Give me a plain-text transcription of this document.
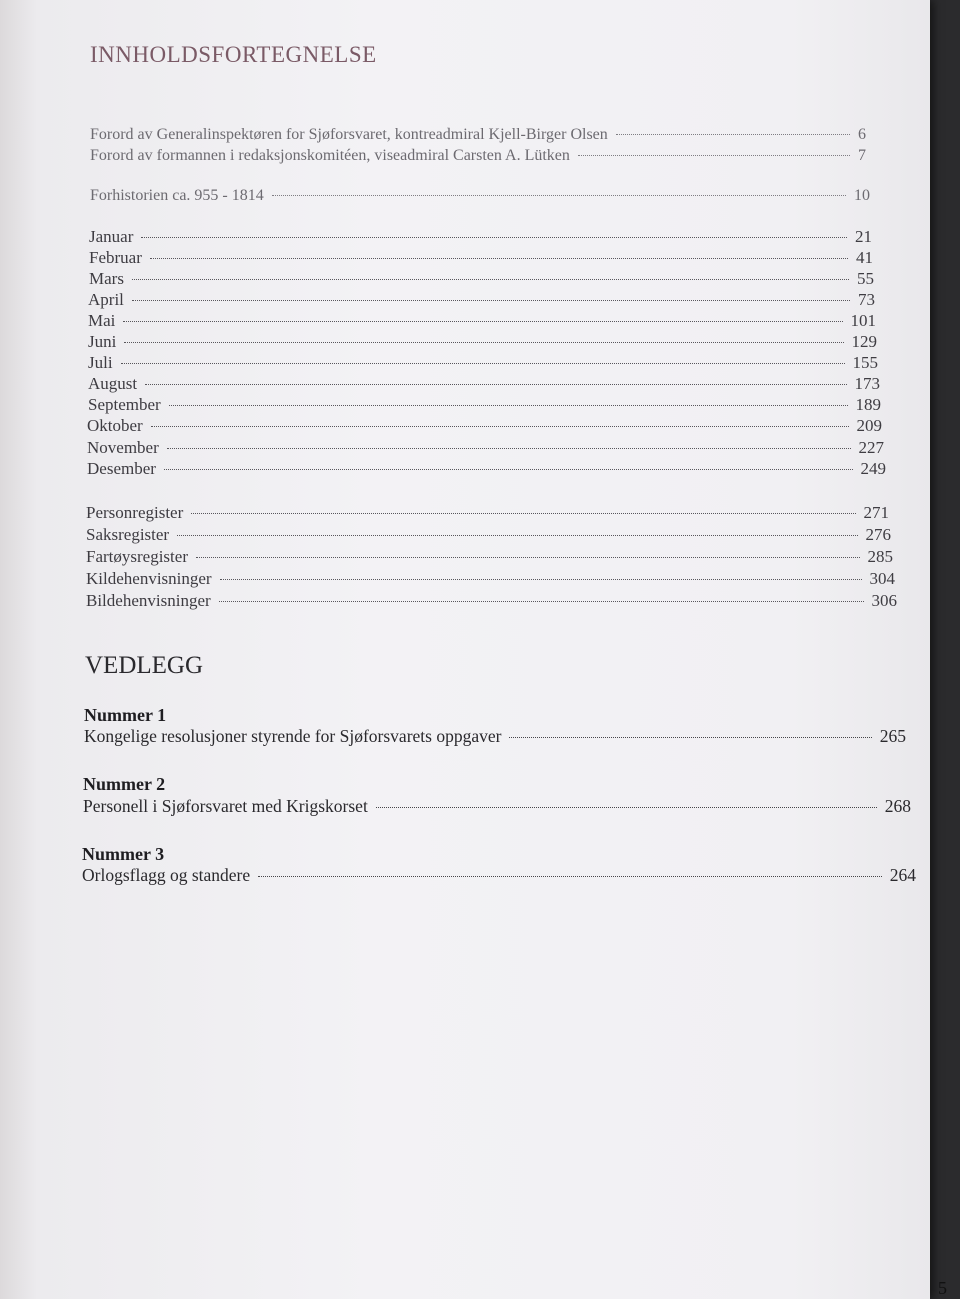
INNHOLDSFORTEGNELSE
Forord av Generalinspektøren for Sjøforsvaret, kontreadmiral Kjell-Birger Olsen	6
Forord av formannen i redaksjonskomitéen, viseadmiral Carsten A. Lütken	7
Forhistorien ca. 955 - 1814	10
Januar	21
Februar	41
Mars	55
April	73
Mai	101
Juni	129
Juli	155
August	173
September	189
Oktober	209
November	227
Desember	249
Personregister	271
Saksregister	276
Fartøysregister	285
Kildehenvisninger	304
Bildehenvisninger	306
VEDLEGG
Nummer 1
Kongelige resolusjoner styrende for Sjøforsvarets oppgaver	265
Nummer 2
Personell i Sjøforsvaret med Krigskorset	268
Nummer 3
Orlogsflagg og standere	264
5
